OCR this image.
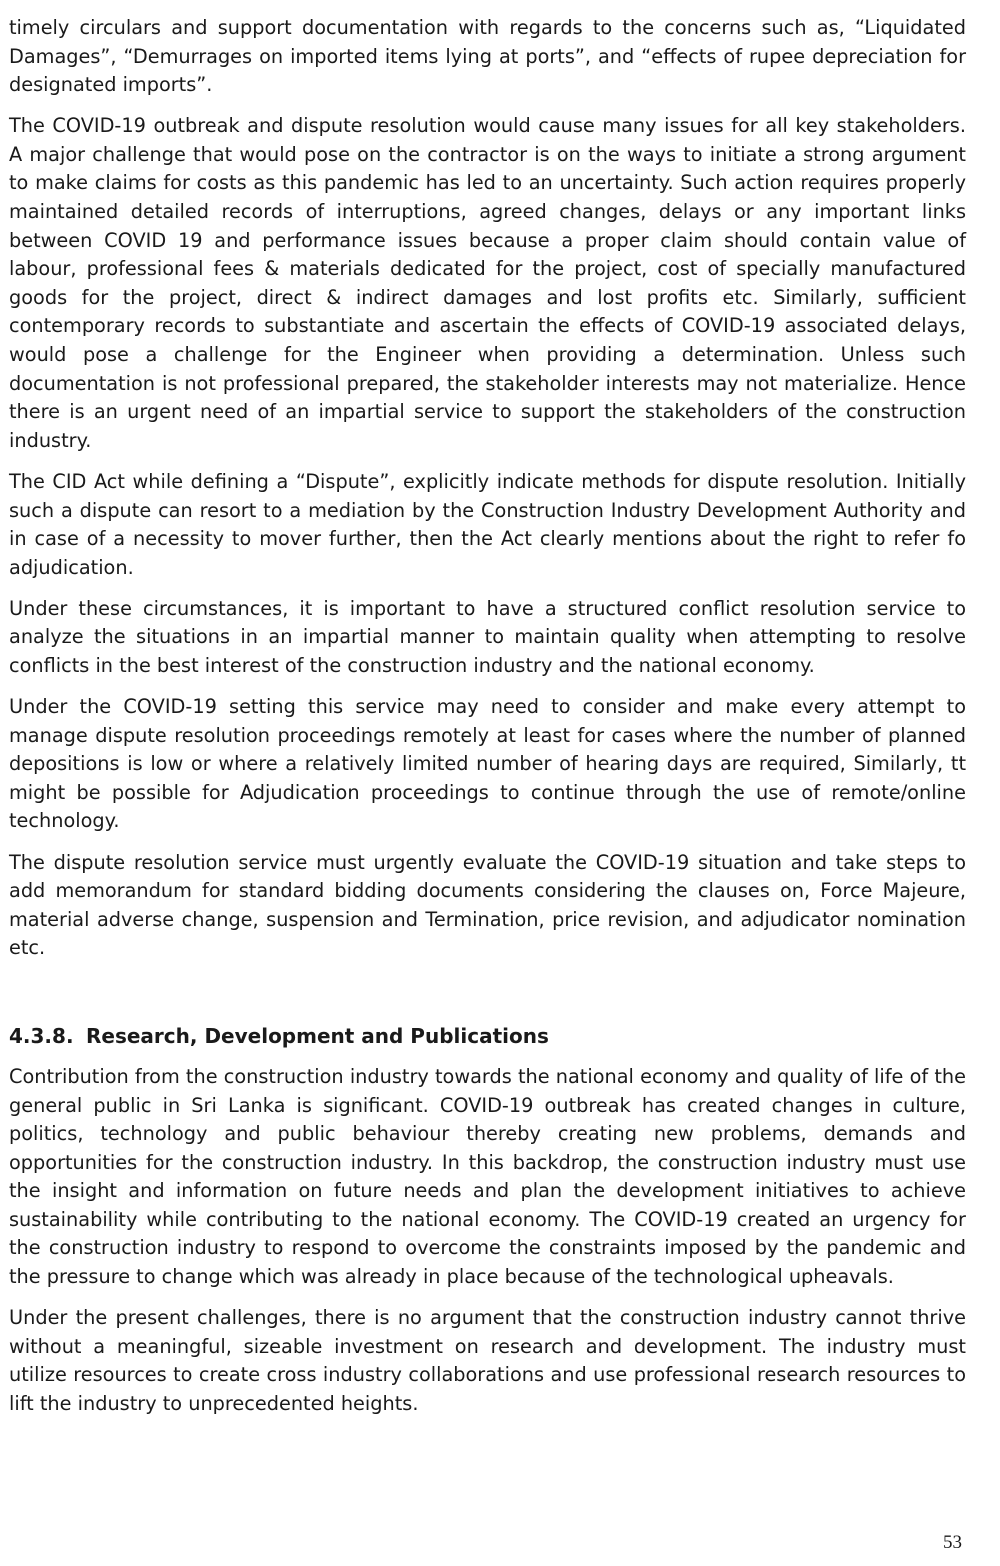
timely circulars and support documentation with regards to the concerns such as, “Liquidated Damages”, “Demurrages on imported items lying at ports”, and “effects of rupee depreciation for designated imports”.

The COVID-19 outbreak and dispute resolution would cause many issues for all key stakeholders. A major challenge that would pose on the contractor is on the ways to initiate a strong argument to make claims for costs as this pandemic has led to an uncertainty. Such action requires properly maintained detailed records of interruptions, agreed changes, delays or any important links between COVID 19 and performance issues because a proper claim should contain value of labour, professional fees & materials dedicated for the project, cost of specially manufactured goods for the project, direct & indirect damages and lost profits etc. Similarly, sufficient contemporary records to substantiate and ascertain the effects of COVID-19 associated delays, would pose a challenge for the Engineer when providing a determination. Unless such documentation is not professional prepared, the stakeholder interests may not materialize. Hence there is an urgent need of an impartial service to support the stakeholders of the construction industry.

The CID Act while defining a “Dispute”, explicitly indicate methods for dispute resolution. Initially such a dispute can resort to a mediation by the Construction Industry Development Authority and in case of a necessity to mover further, then the Act clearly mentions about the right to refer fo adjudication.

Under these circumstances, it is important to have a structured conflict resolution service to analyze the situations in an impartial manner to maintain quality when attempting to resolve conflicts in the best interest of the construction industry and the national economy.

Under the COVID-19 setting this service may need to consider and make every attempt to manage dispute resolution proceedings remotely at least for cases where the number of planned depositions is low or where a relatively limited number of hearing days are required, Similarly, tt might be possible for Adjudication proceedings to continue through the use of remote/online technology.

The dispute resolution service must urgently evaluate the COVID-19 situation and take steps to add memorandum for standard bidding documents considering the clauses on, Force Majeure, material adverse change, suspension and Termination, price revision, and adjudicator nomination etc.

4.3.8. Research, Development and Publications

Contribution from the construction industry towards the national economy and quality of life of the general public in Sri Lanka is significant. COVID-19 outbreak has created changes in culture, politics, technology and public behaviour thereby creating new problems, demands and opportunities for the construction industry. In this backdrop, the construction industry must use the insight and information on future needs and plan the development initiatives to achieve sustainability while contributing to the national economy. The COVID-19 created an urgency for the construction industry to respond to overcome the constraints imposed by the pandemic and the pressure to change which was already in place because of the technological upheavals.

Under the present challenges, there is no argument that the construction industry cannot thrive without a meaningful, sizeable investment on research and development. The industry must utilize resources to create cross industry collaborations and use professional research resources to lift the industry to unprecedented heights.

53
